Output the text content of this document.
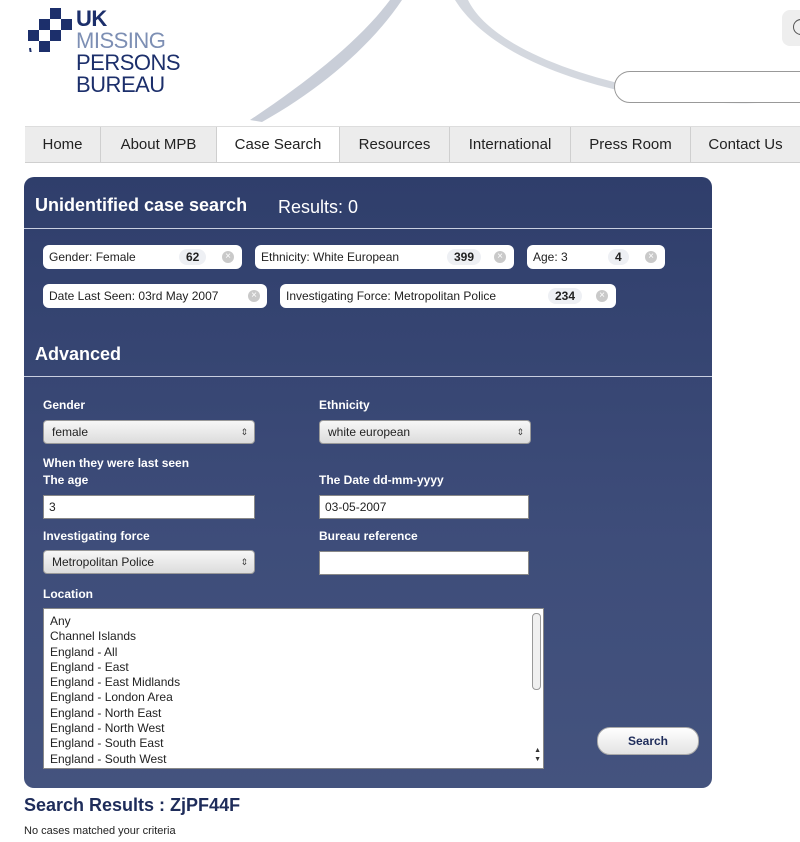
UK
MISSING
PERSONS
BUREAU
Home	About MPB	Case Search	Resources	International	Press Room	Contact Us
Unidentified case search Results: 0
Gender: Female	62	×	Ethnicity: White European	399	×	Age: 3	4	×
Date Last Seen: 03rd May 2007	×	Investigating Force: Metropolitan Police	234	×
Advanced
Gender
female	⇕
Ethnicity
white european	⇕
When they were last seen
The age
3
The Date dd-mm-yyyy
03-05-2007
Investigating force
Metropolitan Police	⇕
Bureau reference
Location
Any
Channel Islands
England - All
England - East
England - East Midlands
England - London Area
England - North East
England - North West
England - South East
England - South West
▲
▼
Search
Search Results : ZjPF44F
No cases matched your criteria
